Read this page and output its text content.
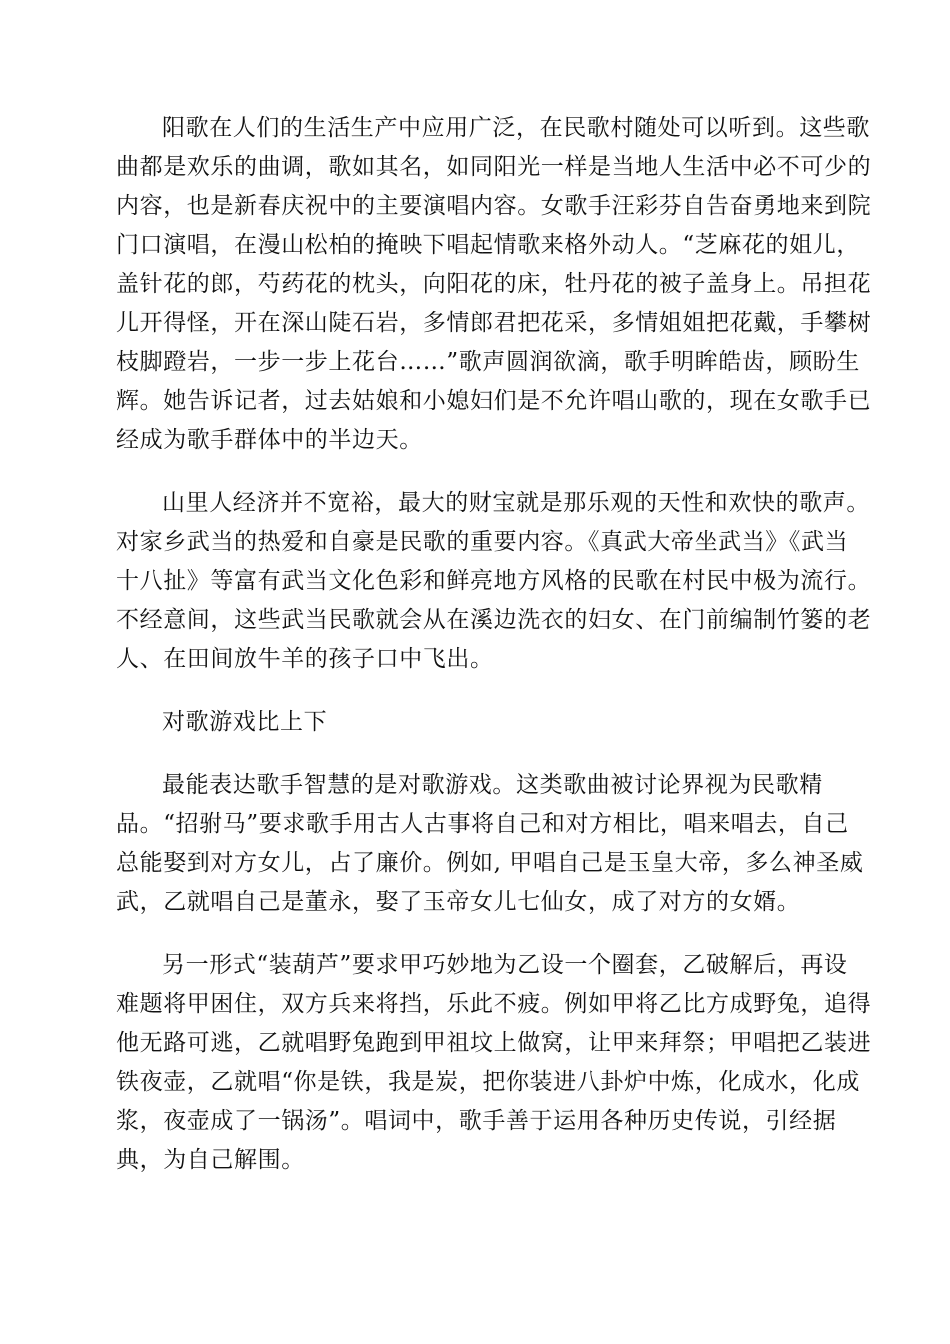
阳歌在人们的生活生产中应用广泛，在民歌村随处可以听到。这些歌
曲都是欢乐的曲调，歌如其名，如同阳光一样是当地人生活中必不可少的
内容，也是新春庆祝中的主要演唱内容。女歌手汪彩芬自告奋勇地来到院
门口演唱，在漫山松柏的掩映下唱起情歌来格外动人。“芝麻花的姐儿，
盖针花的郎，芍药花的枕头，向阳花的床，牡丹花的被子盖身上。吊担花
儿开得怪，开在深山陡石岩，多情郎君把花采，多情姐姐把花戴，手攀树
枝脚蹬岩，一步一步上花台……”歌声圆润欲滴，歌手明眸皓齿，顾盼生
辉。她告诉记者，过去姑娘和小媳妇们是不允许唱山歌的，现在女歌手已
经成为歌手群体中的半边天。
山里人经济并不宽裕，最大的财宝就是那乐观的天性和欢快的歌声。
对家乡武当的热爱和自豪是民歌的重要内容。《真武大帝坐武当》《武当
十八扯》等富有武当文化色彩和鲜亮地方风格的民歌在村民中极为流行。
不经意间，这些武当民歌就会从在溪边洗衣的妇女、在门前编制竹篓的老
人、在田间放牛羊的孩子口中飞出。
对歌游戏比上下
最能表达歌手智慧的是对歌游戏。这类歌曲被讨论界视为民歌精
品。“招驸马”要求歌手用古人古事将自己和对方相比，唱来唱去，自己
总能娶到对方女儿，占了廉价。例如, 甲唱自己是玉皇大帝，多么神圣威
武，乙就唱自己是董永，娶了玉帝女儿七仙女，成了对方的女婿。
另一形式“装葫芦”要求甲巧妙地为乙设一个圈套，乙破解后，再设
难题将甲困住，双方兵来将挡，乐此不疲。例如甲将乙比方成野兔，追得
他无路可逃，乙就唱野兔跑到甲祖坟上做窝，让甲来拜祭；甲唱把乙装进
铁夜壶，乙就唱“你是铁，我是炭，把你装进八卦炉中炼，化成水，化成
浆，夜壶成了一锅汤”。唱词中，歌手善于运用各种历史传说，引经据
典，为自己解围。
